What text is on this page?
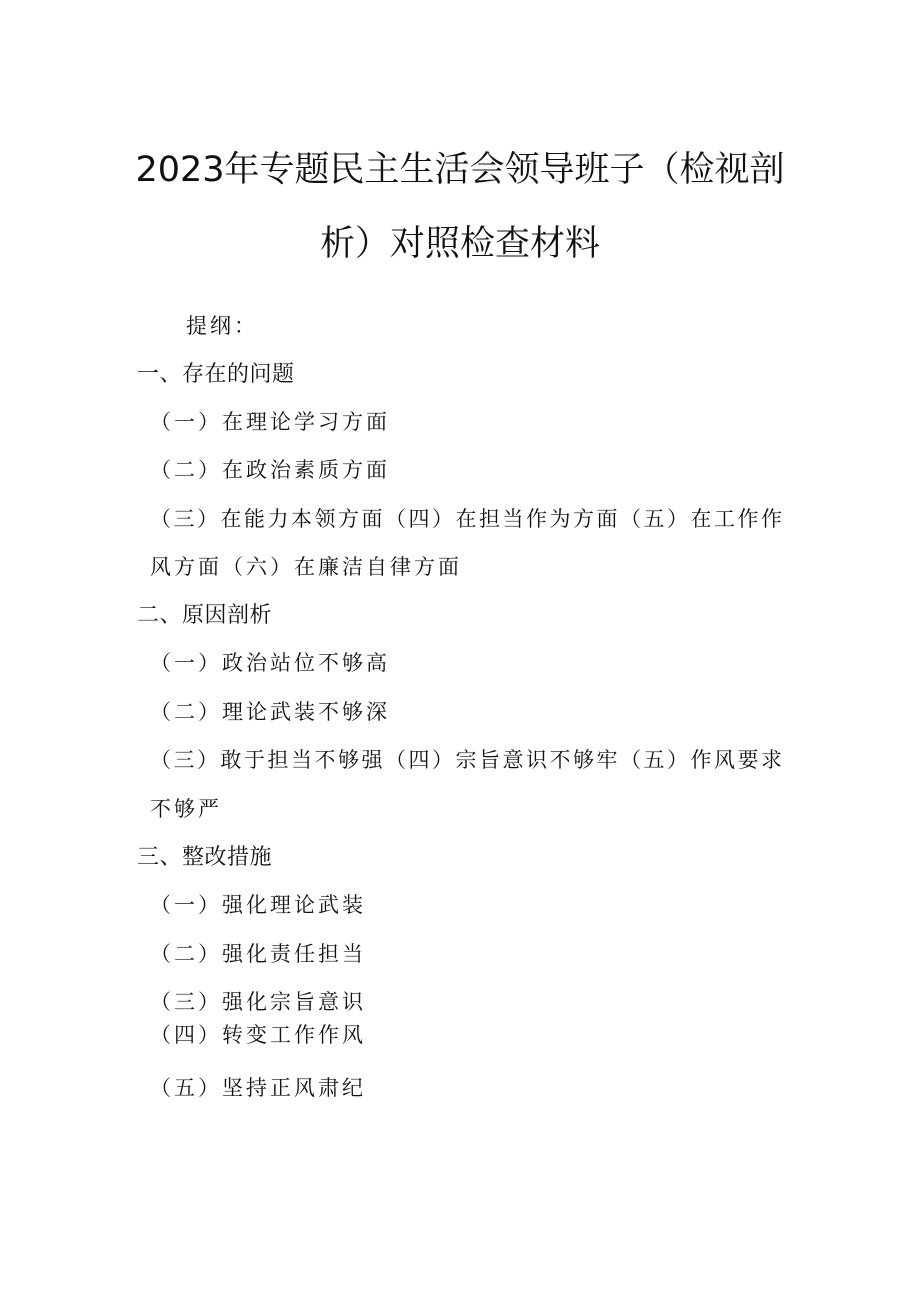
2023年专题民主生活会领导班子（检视剖
析）对照检查材料
提纲：
一、存在的问题
（一）在理论学习方面
（二）在政治素质方面
（三）在能力本领方面（四）在担当作为方面（五）在工作作
风方面（六）在廉洁自律方面
二、原因剖析
（一）政治站位不够高
（二）理论武装不够深
（三）敢于担当不够强（四）宗旨意识不够牢（五）作风要求
不够严
三、整改措施
（一）强化理论武装
（二）强化责任担当
（三）强化宗旨意识
（四）转变工作作风
（五）坚持正风肃纪
